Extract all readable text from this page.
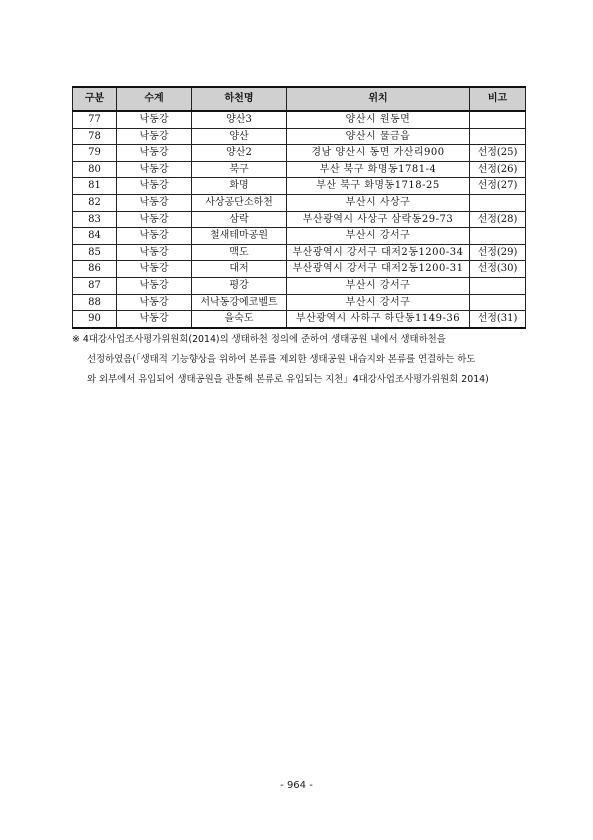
구분	수계	하천명	위치	비고
77	낙동강	양산3	양산시 원동면	
78	낙동강	양산	양산시 물금읍	
79	낙동강	양산2	경남 양산시 동면 가산리900	선정(25)
80	낙동강	북구	부산 북구 화명동1781-4	선정(26)
81	낙동강	화명	부산 북구 화명동1718-25	선정(27)
82	낙동강	사상공단소하천	부산시 사상구	
83	낙동강	삼락	부산광역시 사상구 삼락동29-73	선정(28)
84	낙동강	철새테마공원	부산시 강서구	
85	낙동강	맥도	부산광역시 강서구 대저2동1200-34	선정(29)
86	낙동강	대저	부산광역시 강서구 대저2동1200-31	선정(30)
87	낙동강	평강	부산시 강서구	
88	낙동강	서낙동강에코벨트	부산시 강서구	
90	낙동강	을숙도	부산광역시 사하구 하단동1149-36	선정(31)
※ 4대강사업조사평가위원회(2014)의 생태하천 정의에 준하여 생태공원 내에서 생태하천을
선정하였음(「생태적 기능향상을 위하여 본류를 제외한 생태공원 내습지와 본류를 연결하는 하도
와 외부에서 유입되어 생태공원을 관통해 본류로 유입되는 지천」4대강사업조사평가위원회 2014)
- 964 -
